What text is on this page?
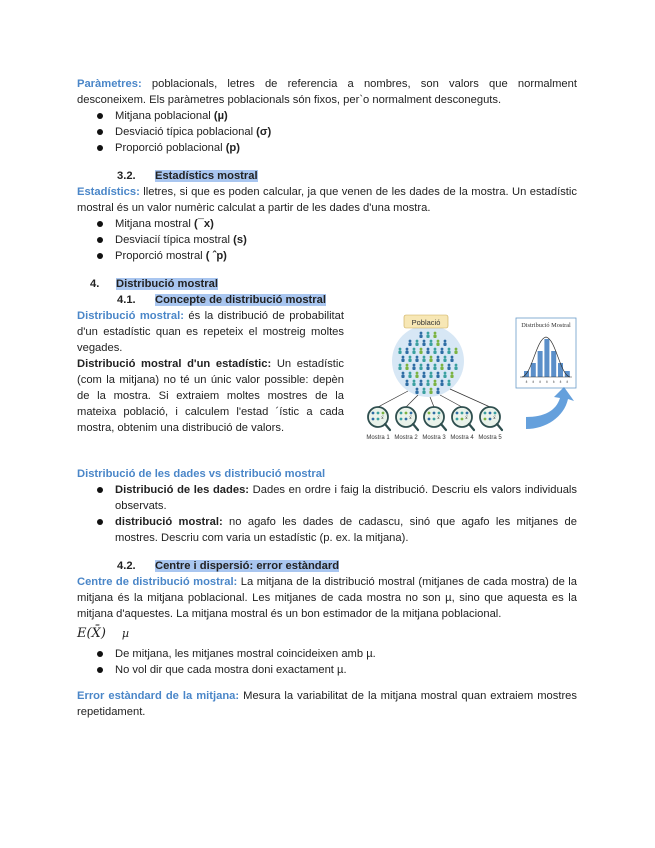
Paràmetres: poblacionals, letres de referencia a nombres, son valors que normalment desconeixem. Els paràmetres poblacionals són fixos, per`o normalment desconeguts.

Mitjana poblacional (µ)
Desviació típica poblacional (σ)
Proporció poblacional (p)
3.2. Estadístics mostral

Estadístics: lletres, si que es poden calcular, ja que venen de les dades de la mostra. Un estadístic mostral és un valor numèric calculat a partir de les dades d'una mostra.

Mitjana mostral (¯x)
Desviacií típica mostral (s)
Proporció mostral ( ˆp)
4. Distribució mostral
4.1. Concepte de distribució mostral

Distribució mostral: és la distribució de probabilitat d'un estadístic quan es repeteix el mostreig moltes vegades.

Distribució mostral d'un estadístic: Un estadístic (com la mitjana) no té un únic valor possible: depèn de la mostra. Si extraiem moltes mostres de la mateixa població, i calculem l'estad ´ístic a cada mostra, obtenim una distribució de valors.

Població
x̄	x̄	x̄	x̄	x̄
Mostra 1 Mostra 2 Mostra 3 Mostra 4 Mostra 5
Distribució Mostral
x̄ x̄ x̄ x̄ x̄ x̄ x̄

Distribució de les dades vs distribució mostral

Distribució de les dades: Dades en ordre i faig la distribució. Descriu els valors individuals observats.
distribució mostral: no agafo les dades de cadascu, sinó que agafo les mitjanes de mostres. Descriu com varia un estadístic (p. ex. la mitjana).
4.2. Centre i dispersió: error estàndard

Centre de distribució mostral: La mitjana de la distribució mostral (mitjanes de cada mostra) de la mitjana és la mitjana poblacional. Les mitjanes de cada mostra no son µ, sino que aquesta es la mitjana d'aquestes. La mitjana mostral és un bon estimador de la mitjana poblacional.

E(X̄) µ
De mitjana, les mitjanes mostral coincideixen amb µ.
No vol dir que cada mostra doni exactament µ.

Error estàndard de la mitjana: Mesura la variabilitat de la mitjana mostral quan extraiem mostres repetidament.
